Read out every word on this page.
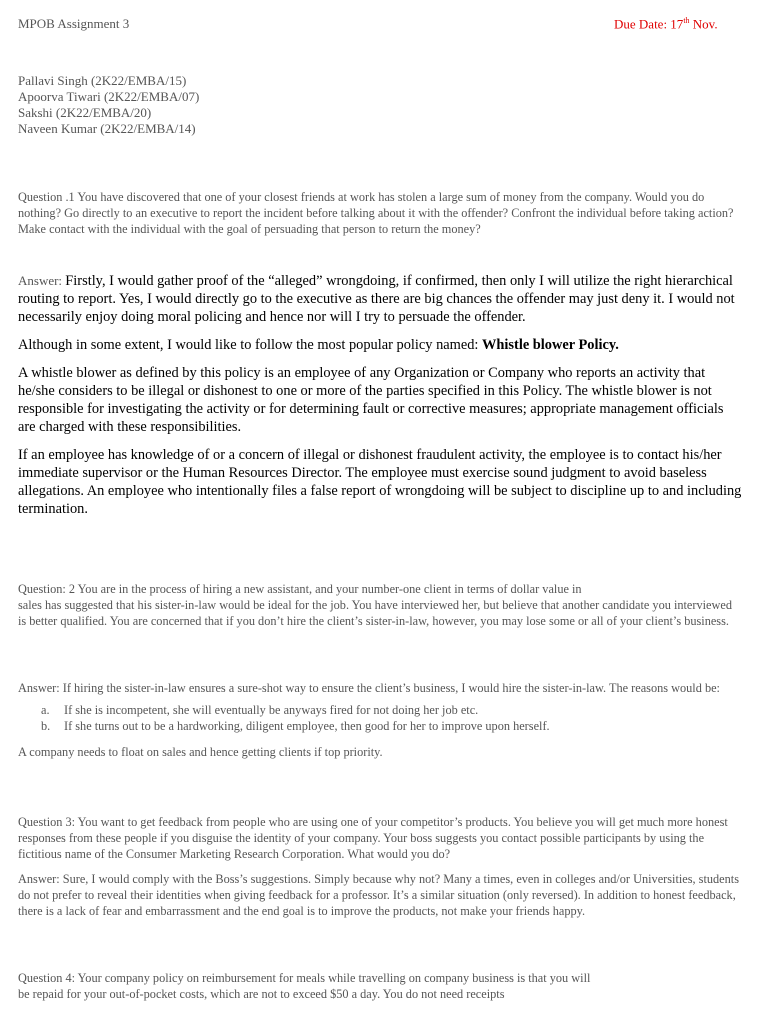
MPOB Assignment 3	Due Date: 17th Nov.
Pallavi Singh (2K22/EMBA/15)
Apoorva Tiwari (2K22/EMBA/07)
Sakshi (2K22/EMBA/20)
Naveen Kumar (2K22/EMBA/14)
Question .1 You have discovered that one of your closest friends at work has stolen a large sum of money from the company. Would you do nothing? Go directly to an executive to report the incident before talking about it with the offender? Confront the individual before taking action? Make contact with the individual with the goal of persuading that person to return the money?

Answer: Firstly, I would gather proof of the “alleged” wrongdoing, if confirmed, then only I will utilize the right hierarchical routing to report. Yes, I would directly go to the executive as there are big chances the offender may just deny it. I would not necessarily enjoy doing moral policing and hence nor will I try to persuade the offender.

Although in some extent, I would like to follow the most popular policy named: Whistle blower Policy.

A whistle blower as defined by this policy is an employee of any Organization or Company who reports an activity that he/she considers to be illegal or dishonest to one or more of the parties specified in this Policy. The whistle blower is not responsible for investigating the activity or for determining fault or corrective measures; appropriate management officials are charged with these responsibilities.

If an employee has knowledge of or a concern of illegal or dishonest fraudulent activity, the employee is to contact his/her immediate supervisor or the Human Resources Director. The employee must exercise sound judgment to avoid baseless allegations. An employee who intentionally files a false report of wrongdoing will be subject to discipline up to and including termination.

Question: 2 You are in the process of hiring a new assistant, and your number-one client in terms of dollar value in
sales has suggested that his sister-in-law would be ideal for the job. You have interviewed her, but believe that another candidate you interviewed is better qualified. You are concerned that if you don’t hire the client’s sister-in-law, however, you may lose some or all of your client’s business.

Answer: If hiring the sister-in-law ensures a sure-shot way to ensure the client’s business, I would hire the sister-in-law. The reasons would be:

a. If she is incompetent, she will eventually be anyways fired for not doing her job etc.
b. If she turns out to be a hardworking, diligent employee, then good for her to improve upon herself.

A company needs to float on sales and hence getting clients if top priority.

Question 3: You want to get feedback from people who are using one of your competitor’s products. You believe you will get much more honest responses from these people if you disguise the identity of your company. Your boss suggests you contact possible participants by using the fictitious name of the Consumer Marketing Research Corporation. What would you do?
Answer: Sure, I would comply with the Boss’s suggestions. Simply because why not? Many a times, even in colleges and/or Universities, students do not prefer to reveal their identities when giving feedback for a professor. It’s a similar situation (only reversed). In addition to honest feedback, there is a lack of fear and embarrassment and the end goal is to improve the products, not make your friends happy.
Question 4: Your company policy on reimbursement for meals while travelling on company business is that you will
be repaid for your out-of-pocket costs, which are not to exceed $50 a day. You do not need receipts
